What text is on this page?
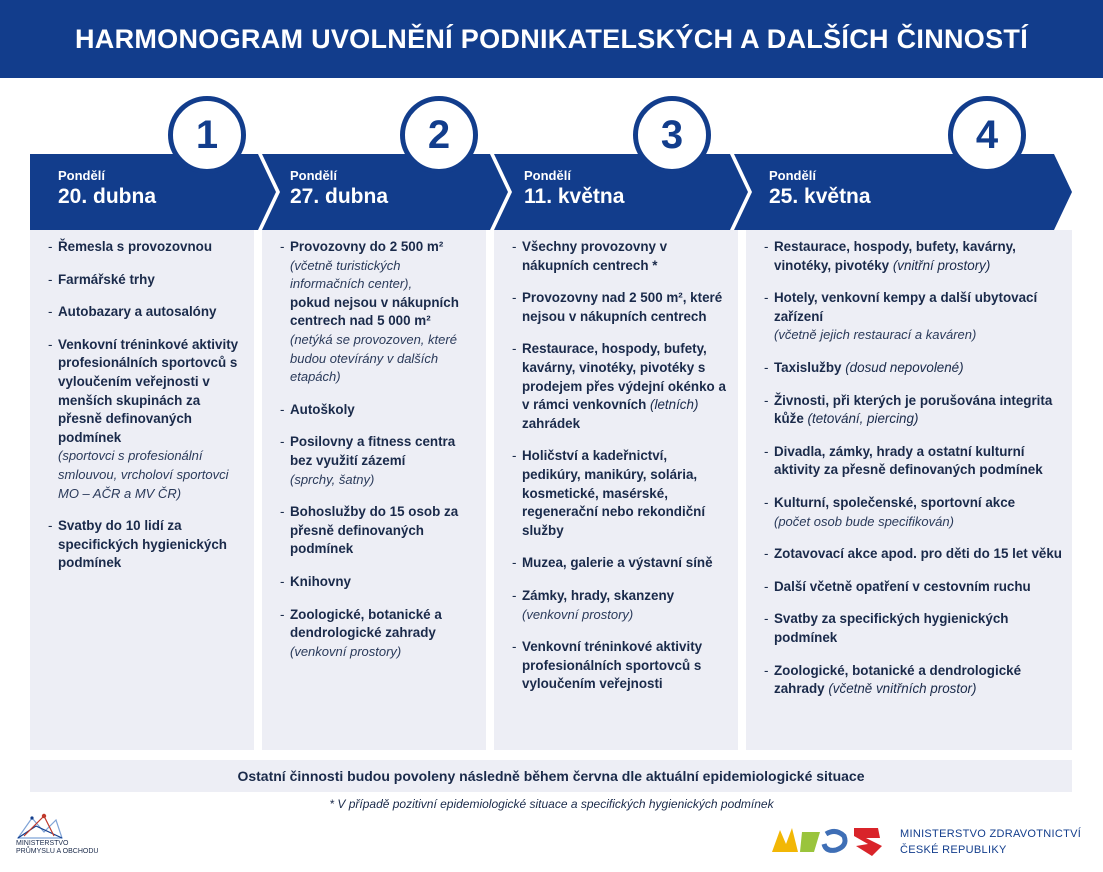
HARMONOGRAM UVOLNĚNÍ PODNIKATELSKÝCH A DALŠÍCH ČINNOSTÍ
1	2	3	4
Pondělí
20. dubna
Pondělí
27. dubna
Pondělí
11. května
Pondělí
25. května
- Řemesla s provozovnou
- Farmářské trhy
- Autobazary a autosalóny
- Venkovní tréninkové aktivity profesionálních sportovců s vyloučením veřejnosti v menších skupinách za přesně definovaných podmínek
(sportovci s profesionální smlouvou, vrcholoví sportovci MO – AČR a MV ČR)
- Svatby do 10 lidí za specifických hygienických podmínek
- Provozovny do 2 500 m²
(včetně turistických informačních center),
pokud nejsou v nákupních centrech nad 5 000 m²
(netýká se provozoven, které budou otevírány v dalších etapách)
- Autoškoly
- Posilovny a fitness centra bez využití zázemí
(sprchy, šatny)
- Bohoslužby do 15 osob za přesně definovaných podmínek
- Knihovny
- Zoologické, botanické a dendrologické zahrady
(venkovní prostory)
- Všechny provozovny v nákupních centrech *
- Provozovny nad 2 500 m², které nejsou v nákupních centrech
- Restaurace, hospody, bufety, kavárny, vinotéky, pivotéky s prodejem přes výdejní okénko a v rámci venkovních (letních) zahrádek
- Holičství a kadeřnictví, pedikúry, manikúry, solária, kosmetické, masérské, regenerační nebo rekondiční služby
- Muzea, galerie a výstavní síně
- Zámky, hrady, skanzeny
(venkovní prostory)
- Venkovní tréninkové aktivity profesionálních sportovců s vyloučením veřejnosti
- Restaurace, hospody, bufety, kavárny, vinotéky, pivotéky (vnitřní prostory)
- Hotely, venkovní kempy a další ubytovací zařízení
(včetně jejich restaurací a kaváren)
- Taxislužby (dosud nepovolené)
- Živnosti, při kterých je porušována integrita kůže (tetování, piercing)
- Divadla, zámky, hrady a ostatní kulturní aktivity za přesně definovaných podmínek
- Kulturní, společenské, sportovní akce
(počet osob bude specifikován)
- Zotavovací akce apod. pro děti do 15 let věku
- Další včetně opatření v cestovním ruchu
- Svatby za specifických hygienických podmínek
- Zoologické, botanické a dendrologické zahrady (včetně vnitřních prostor)
Ostatní činnosti budou povoleny následně během června dle aktuální epidemiologické situace
* V případě pozitivní epidemiologické situace a specifických hygienických podmínek
MINISTERSTVO
PRŮMYSLU A OBCHODU
MINISTERSTVO ZDRAVOTNICTVÍ
ČESKÉ REPUBLIKY
